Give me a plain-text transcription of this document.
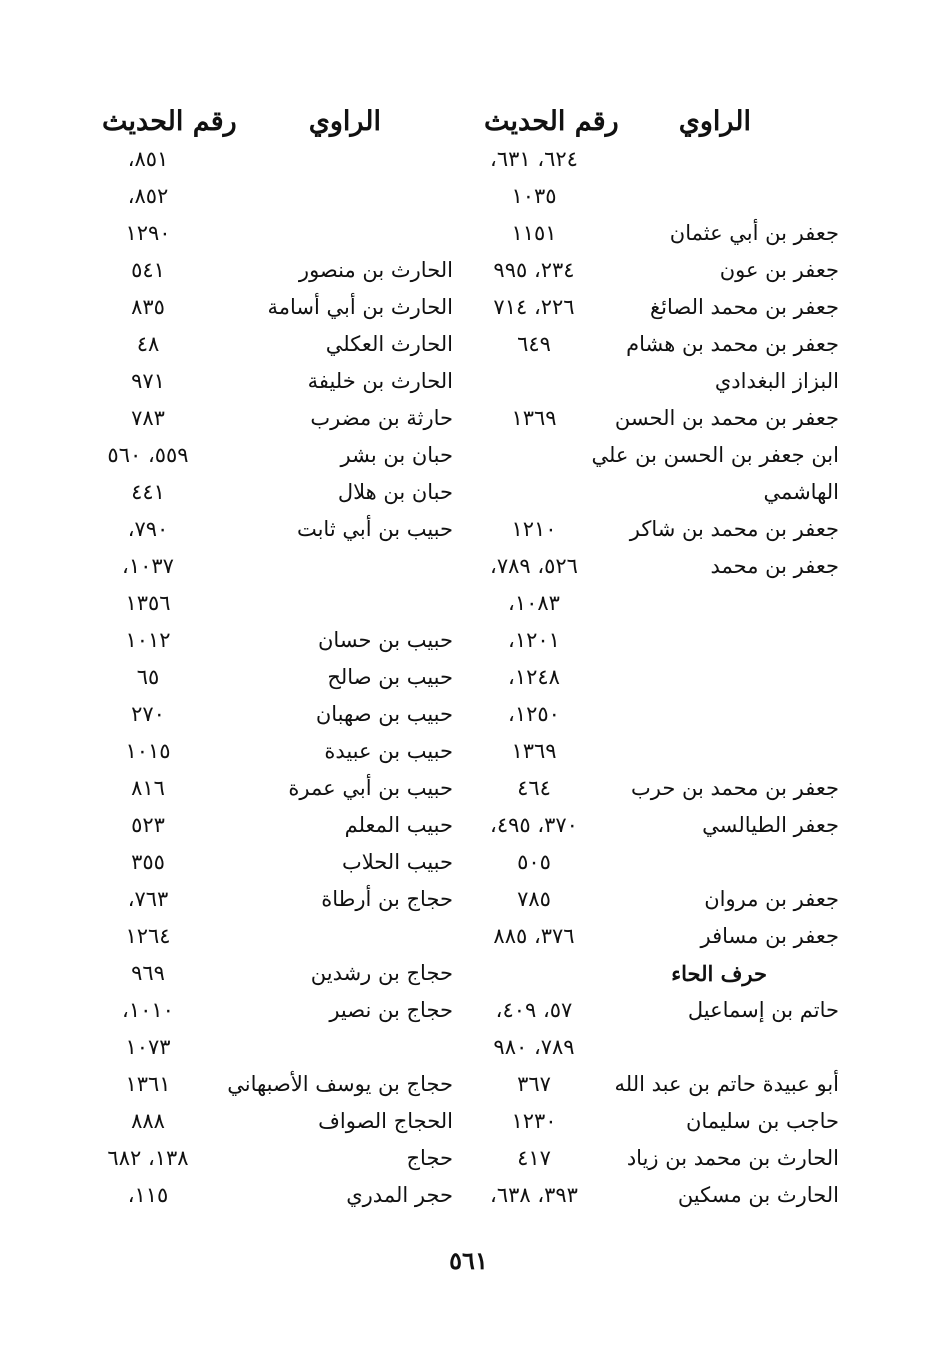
الراوي
رقم الحديث
الراوي
رقم الحديث
٦٢٤، ٦٣١،
٨٥١،
١٠٣٥
٨٥٢،
جعفر بن أبي عثمان
١١٥١
١٢٩٠
جعفر بن عون
٢٣٤، ٩٩٥
الحارث بن منصور
٥٤١
جعفر بن محمد الصائغ
٢٢٦، ٧١٤
الحارث بن أبي أسامة
٨٣٥
جعفر بن محمد بن هشام
٦٤٩
الحارث العكلي
٤٨
البزاز البغدادي
الحارث بن خليفة
٩٧١
جعفر بن محمد بن الحسن
١٣٦٩
حارثة بن مضرب
٧٨٣
ابن جعفر بن الحسن بن علي
حبان بن بشر
٥٥٩، ٥٦٠
الهاشمي
حبان بن هلال
٤٤١
جعفر بن محمد بن شاكر
١٢١٠
حبيب بن أبي ثابت
٧٩٠،
جعفر بن محمد
٥٢٦، ٧٨٩،
١٠٣٧،
١٠٨٣،
١٣٥٦
١٢٠١،
حبيب بن حسان
١٠١٢
١٢٤٨،
حبيب بن صالح
٦٥
١٢٥٠،
حبيب بن صهبان
٢٧٠
١٣٦٩
حبيب بن عبيدة
١٠١٥
جعفر بن محمد بن حرب
٤٦٤
حبيب بن أبي عمرة
٨١٦
جعفر الطيالسي
٣٧٠، ٤٩٥،
حبيب المعلم
٥٢٣
٥٠٥
حبيب الحلاب
٣٥٥
جعفر بن مروان
٧٨٥
حجاج بن أرطاة
٧٦٣،
جعفر بن مسافر
٣٧٦، ٨٨٥
١٢٦٤
حرف الحاء
حجاج بن رشدين
٩٦٩
حاتم بن إسماعيل
٥٧، ٤٠٩،
حجاج بن نصير
١٠١٠،
٧٨٩، ٩٨٠
١٠٧٣
أبو عبيدة حاتم بن عبد الله
٣٦٧
حجاج بن يوسف الأصبهاني
١٣٦١
حاجب بن سليمان
١٢٣٠
الحجاج الصواف
٨٨٨
الحارث بن محمد بن زياد
٤١٧
حجاج
١٣٨، ٦٨٢
الحارث بن مسكين
٣٩٣، ٦٣٨،
حجر المدري
١١٥،
٥٦١
